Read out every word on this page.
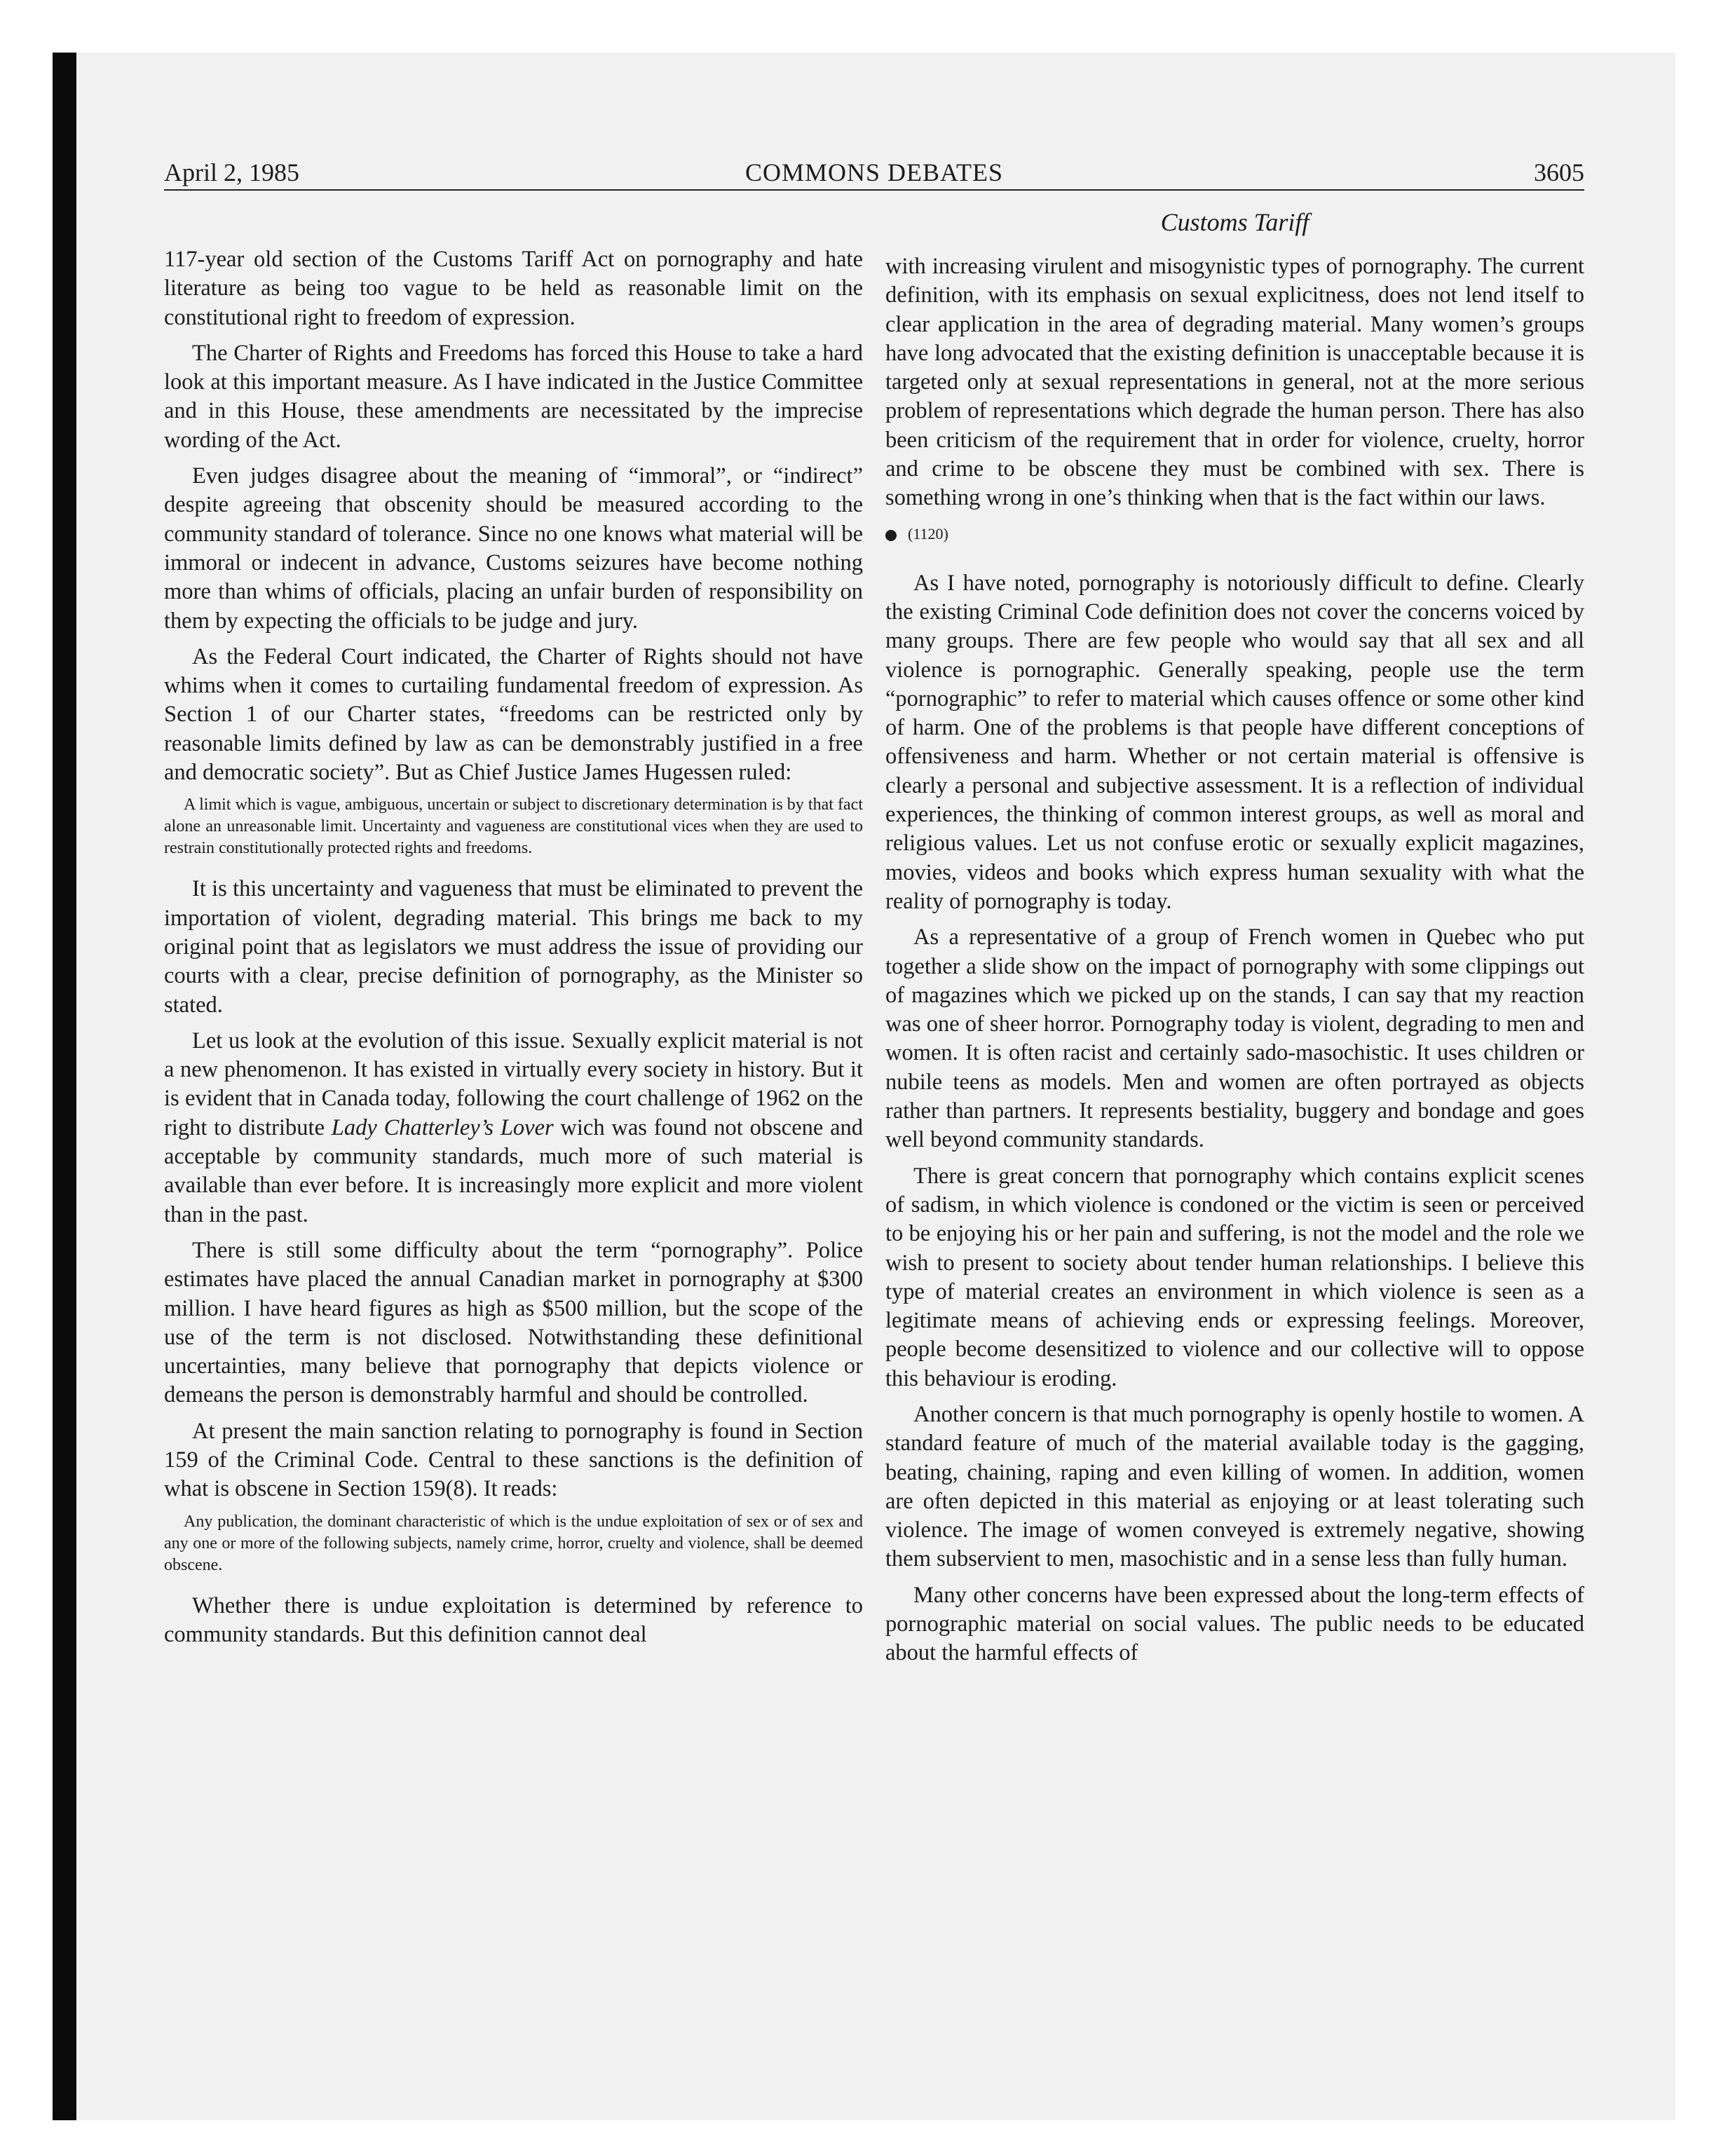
April 2, 1985	COMMONS DEBATES	3605
Customs Tariff

117-year old section of the Customs Tariff Act on pornography and hate literature as being too vague to be held as reasonable limit on the constitutional right to freedom of expression.

The Charter of Rights and Freedoms has forced this House to take a hard look at this important measure. As I have indicated in the Justice Committee and in this House, these amendments are necessitated by the imprecise wording of the Act.

Even judges disagree about the meaning of “immoral”, or “indirect” despite agreeing that obscenity should be measured according to the community standard of tolerance. Since no one knows what material will be immoral or indecent in advance, Customs seizures have become nothing more than whims of officials, placing an unfair burden of responsibility on them by expecting the officials to be judge and jury.

As the Federal Court indicated, the Charter of Rights should not have whims when it comes to curtailing fundamental freedom of expression. As Section 1 of our Charter states, “freedoms can be restricted only by reasonable limits defined by law as can be demonstrably justified in a free and democratic society”. But as Chief Justice James Hugessen ruled:

A limit which is vague, ambiguous, uncertain or subject to discretionary determination is by that fact alone an unreasonable limit. Uncertainty and vagueness are constitutional vices when they are used to restrain constitutionally protected rights and freedoms.

It is this uncertainty and vagueness that must be eliminated to prevent the importation of violent, degrading material. This brings me back to my original point that as legislators we must address the issue of providing our courts with a clear, precise definition of pornography, as the Minister so stated.

Let us look at the evolution of this issue. Sexually explicit material is not a new phenomenon. It has existed in virtually every society in history. But it is evident that in Canada today, following the court challenge of 1962 on the right to distribute Lady Chatterley’s Lover wich was found not obscene and acceptable by community standards, much more of such material is available than ever before. It is increasingly more explicit and more violent than in the past.

There is still some difficulty about the term “pornography”. Police estimates have placed the annual Canadian market in pornography at $300 million. I have heard figures as high as $500 million, but the scope of the use of the term is not disclosed. Notwithstanding these definitional uncertainties, many believe that pornography that depicts violence or demeans the person is demonstrably harmful and should be controlled.

At present the main sanction relating to pornography is found in Section 159 of the Criminal Code. Central to these sanctions is the definition of what is obscene in Section 159(8). It reads:

Any publication, the dominant characteristic of which is the undue exploitation of sex or of sex and any one or more of the following subjects, namely crime, horror, cruelty and violence, shall be deemed obscene.

Whether there is undue exploitation is determined by reference to community standards. But this definition cannot deal

with increasing virulent and misogynistic types of pornography. The current definition, with its emphasis on sexual explicitness, does not lend itself to clear application in the area of degrading material. Many women’s groups have long advocated that the existing definition is unacceptable because it is targeted only at sexual representations in general, not at the more serious problem of representations which degrade the human person. There has also been criticism of the requirement that in order for violence, cruelty, horror and crime to be obscene they must be combined with sex. There is something wrong in one’s thinking when that is the fact within our laws.

(1120)

As I have noted, pornography is notoriously difficult to define. Clearly the existing Criminal Code definition does not cover the concerns voiced by many groups. There are few people who would say that all sex and all violence is pornographic. Generally speaking, people use the term “pornographic” to refer to material which causes offence or some other kind of harm. One of the problems is that people have different conceptions of offensiveness and harm. Whether or not certain material is offensive is clearly a personal and subjective assessment. It is a reflection of individual experiences, the thinking of common interest groups, as well as moral and religious values. Let us not confuse erotic or sexually explicit magazines, movies, videos and books which express human sexuality with what the reality of pornography is today.

As a representative of a group of French women in Quebec who put together a slide show on the impact of pornography with some clippings out of magazines which we picked up on the stands, I can say that my reaction was one of sheer horror. Pornography today is violent, degrading to men and women. It is often racist and certainly sado-masochistic. It uses children or nubile teens as models. Men and women are often portrayed as objects rather than partners. It represents bestiality, buggery and bondage and goes well beyond community standards.

There is great concern that pornography which contains explicit scenes of sadism, in which violence is condoned or the victim is seen or perceived to be enjoying his or her pain and suffering, is not the model and the role we wish to present to society about tender human relationships. I believe this type of material creates an environment in which violence is seen as a legitimate means of achieving ends or expressing feelings. Moreover, people become desensitized to violence and our collective will to oppose this behaviour is eroding.

Another concern is that much pornography is openly hostile to women. A standard feature of much of the material available today is the gagging, beating, chaining, raping and even killing of women. In addition, women are often depicted in this material as enjoying or at least tolerating such violence. The image of women conveyed is extremely negative, showing them subservient to men, masochistic and in a sense less than fully human.

Many other concerns have been expressed about the long-term effects of pornographic material on social values. The public needs to be educated about the harmful effects of
